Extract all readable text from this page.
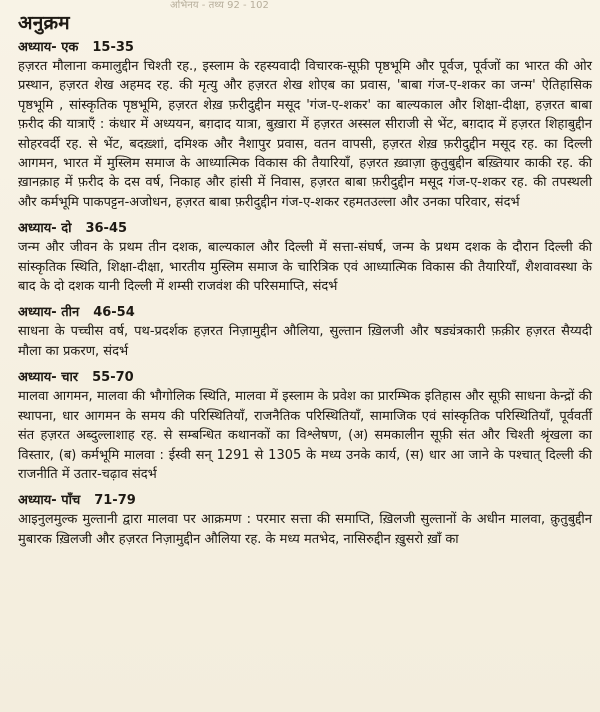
अभिनय - तथ्य 92 - 102
अनुक्रम
अध्याय- एक 15-35

हज़रत मौलाना कमालुद्दीन चिश्ती रह., इस्लाम के रहस्यवादी विचारक-सूफ़ी पृष्ठभूमि और पूर्वज, पूर्वजों का भारत की ओर प्रस्थान, हज़रत शेख अहमद रह. की मृत्यु और हज़रत शेख शोएब का प्रवास, 'बाबा गंज-ए-शकर का जन्म' ऐतिहासिक पृष्ठभूमि , सांस्कृतिक पृष्ठभूमि, हज़रत शेख़ फ़रीदुद्दीन मसूद 'गंज-ए-शकर' का बाल्यकाल और शिक्षा-दीक्षा, हज़रत बाबा फ़रीद की यात्राएँ : कंधार में अध्ययन, बग़दाद यात्रा, बुख़ारा में हज़रत अस्सल सीराजी से भेंट, बग़दाद में हज़रत शिहाबुद्दीन सोहरवर्दी रह. से भेंट, बदख़्शां, दमिश्क और नैशापुर प्रवास, वतन वापसी, हज़रत शेख़ फ़रीदुद्दीन मसूद रह. का दिल्ली आगमन, भारत में मुस्लिम समाज के आध्यात्मिक विकास की तैयारियाँ, हज़रत ख़्वाज़ा क़ुतुबुद्दीन बख़्तियार काकी रह. की ख़ानक़ाह में फ़रीद के दस वर्ष, निकाह और हांसी में निवास, हज़रत बाबा फ़रीदुद्दीन मसूद गंज-ए-शकर रह. की तपस्थली और कर्मभूमि पाकपट्टन-अजोधन, हज़रत बाबा फ़रीदुद्दीन गंज-ए-शकर रहमतउल्ला और उनका परिवार, संदर्भ

अध्याय- दो 36-45

जन्म और जीवन के प्रथम तीन दशक, बाल्यकाल और दिल्ली में सत्ता-संघर्ष, जन्म के प्रथम दशक के दौरान दिल्ली की सांस्कृतिक स्थिति, शिक्षा-दीक्षा, भारतीय मुस्लिम समाज के चारित्रिक एवं आध्यात्मिक विकास की तैयारियाँ, शैशवावस्था के बाद के दो दशक यानी दिल्ली में शम्सी राजवंश की परिसमाप्ति, संदर्भ

अध्याय- तीन 46-54

साधना के पच्चीस वर्ष, पथ-प्रदर्शक हज़रत निज़ामुद्दीन औलिया, सुल्तान ख़िलजी और षड्यंत्रकारी फ़क़ीर हज़रत सैय्यदी मौला का प्रकरण, संदर्भ

अध्याय- चार 55-70

मालवा आगमन, मालवा की भौगोलिक स्थिति, मालवा में इस्लाम के प्रवेश का प्रारम्भिक इतिहास और सूफ़ी साधना केन्द्रों की स्थापना, धार आगमन के समय की परिस्थितियाँ, राजनैतिक परिस्थितियाँ, सामाजिक एवं सांस्कृतिक परिस्थितियाँ, पूर्ववर्ती संत हज़रत अब्दुल्लाशाह रह. से सम्बन्धित कथानकों का विश्लेषण, (अ) समकालीन सूफ़ी संत और चिश्ती श्रृंखला का विस्तार, (ब) कर्मभूमि मालवा : ईस्वी सन् 1291 से 1305 के मध्य उनके कार्य, (स) धार आ जाने के पश्चात् दिल्ली की राजनीति में उतार-चढ़ाव संदर्भ

अध्याय- पाँच 71-79

आइनुलमुल्क मुल्तानी द्वारा मालवा पर आक्रमण : परमार सत्ता की समाप्ति, ख़िलजी सुल्तानों के अधीन मालवा, क़ुतुबुद्दीन मुबारक ख़िलजी और हज़रत निज़ामुद्दीन औलिया रह. के मध्य मतभेद, नासिरुद्दीन ख़ुसरो ख़ाँ का
